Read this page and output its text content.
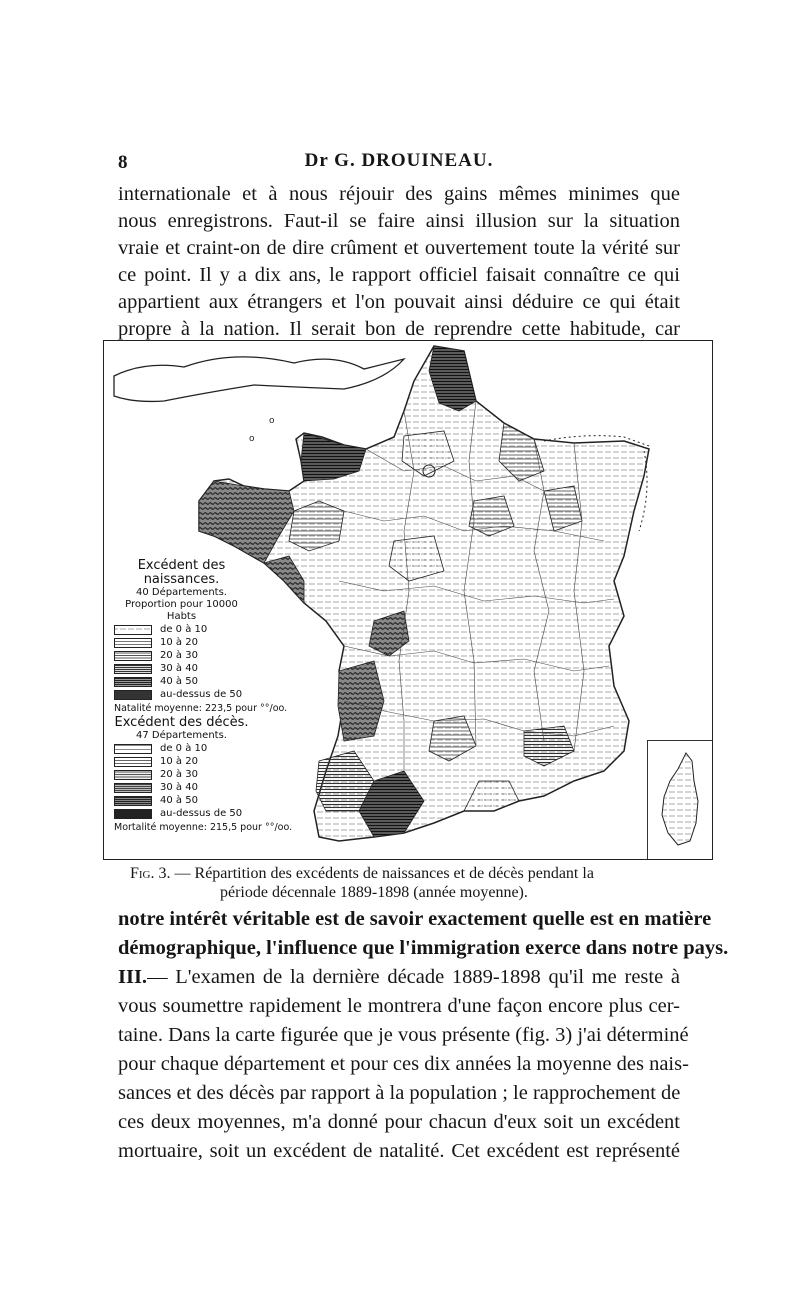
8	Dr G. DROUINEAU.
internationale et à nous réjouir des gains mêmes minimes que
nous enregistrons. Faut-il se faire ainsi illusion sur la situation
vraie et craint-on de dire crûment et ouvertement toute la vérité sur
ce point. Il y a dix ans, le rapport officiel faisait connaître ce qui
appartient aux étrangers et l'on pouvait ainsi déduire ce qui était
propre à la nation. Il serait bon de reprendre cette habitude, car
o
o
Excédent des
naissances.
40 Départements.
Proportion pour 10000 Habts
de 0 à 10
10 à 20
20 à 30
30 à 40
40 à 50
au-dessus de 50
Natalité moyenne: 223,5 pour °°/oo.
Excédent des décès.
47 Départements.
de 0 à 10
10 à 20
20 à 30
30 à 40
40 à 50
au-dessus de 50
Mortalité moyenne: 215,5 pour °°/oo.
Fig. 3. — Répartition des excédents de naissances et de décès pendant la
période décennale 1889-1898 (année moyenne).
notre intérêt véritable est de savoir exactement quelle est en matière
démographique, l'influence que l'immigration exerce dans notre pays.
III.— L'examen de la dernière décade 1889-1898 qu'il me reste à
vous soumettre rapidement le montrera d'une façon encore plus cer-
taine. Dans la carte figurée que je vous présente (fig. 3) j'ai déterminé
pour chaque département et pour ces dix années la moyenne des nais-
sances et des décès par rapport à la population ; le rapprochement de
ces deux moyennes, m'a donné pour chacun d'eux soit un excédent
mortuaire, soit un excédent de natalité. Cet excédent est représenté
